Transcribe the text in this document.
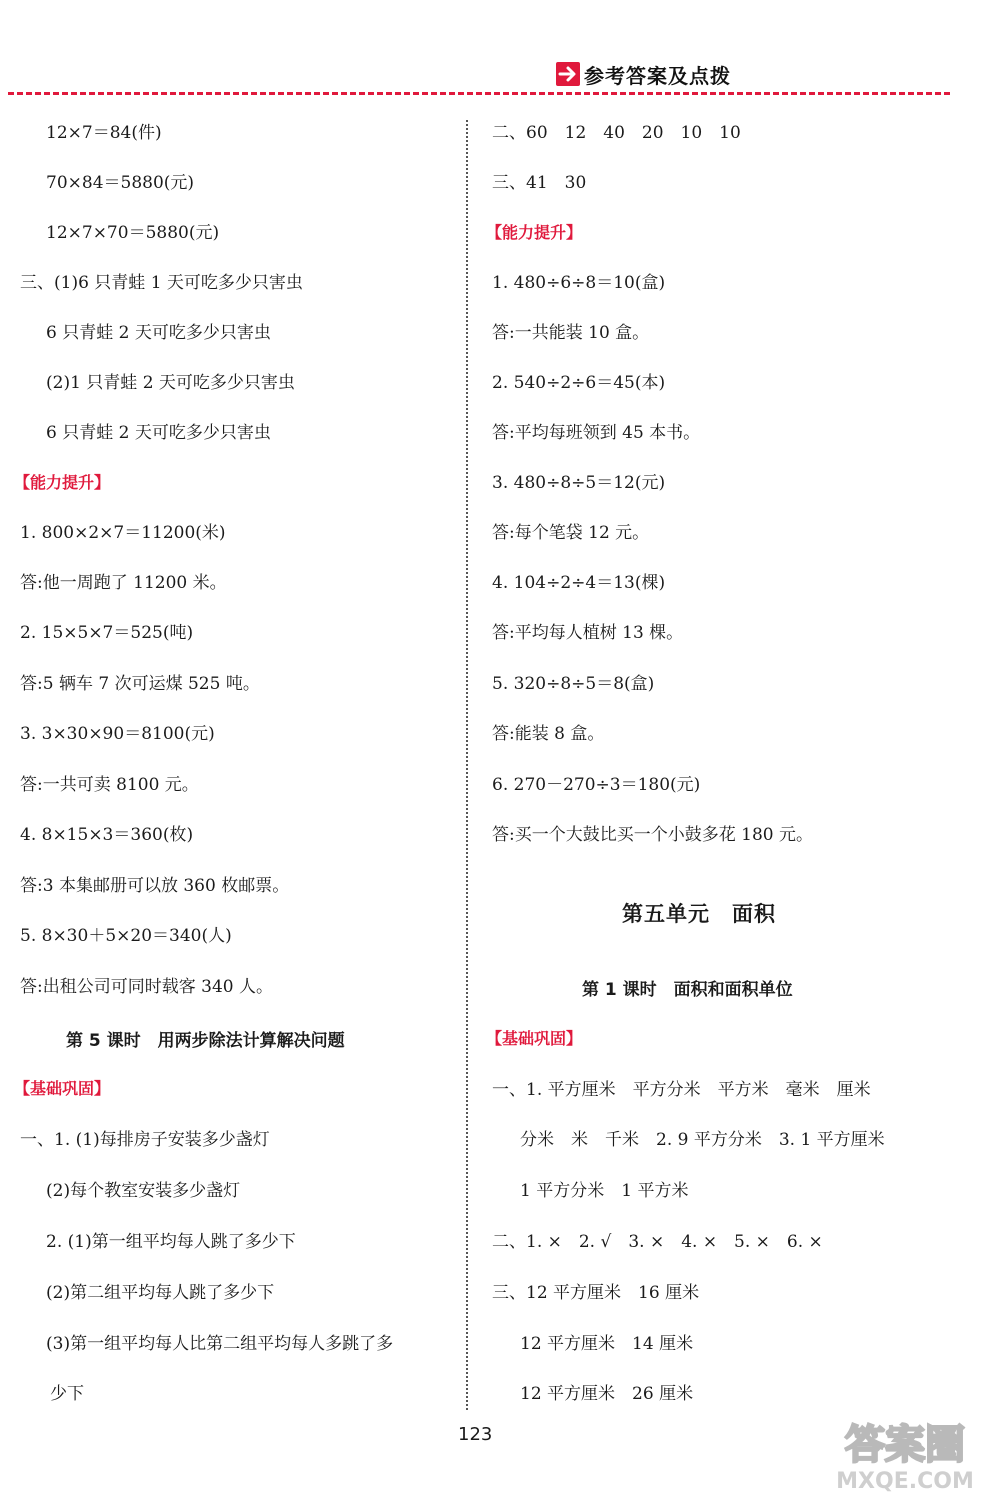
参考答案及点拨
12×7＝84(件)
70×84＝5880(元)
12×7×70＝5880(元)
三、(1)6 只青蛙 1 天可吃多少只害虫
6 只青蛙 2 天可吃多少只害虫
(2)1 只青蛙 2 天可吃多少只害虫
6 只青蛙 2 天可吃多少只害虫
【能力提升】
1. 800×2×7＝11200(米)
答:他一周跑了 11200 米。
2. 15×5×7＝525(吨)
答:5 辆车 7 次可运煤 525 吨。
3. 3×30×90＝8100(元)
答:一共可卖 8100 元。
4. 8×15×3＝360(枚)
答:3 本集邮册可以放 360 枚邮票。
5. 8×30＋5×20＝340(人)
答:出租公司可同时载客 340 人。
第 5 课时　用两步除法计算解决问题
【基础巩固】
一、1. (1)每排房子安装多少盏灯
(2)每个教室安装多少盏灯
2. (1)第一组平均每人跳了多少下
(2)第二组平均每人跳了多少下
(3)第一组平均每人比第二组平均每人多跳了多
少下
二、60　12　40　20　10　10
三、41　30
【能力提升】
1. 480÷6÷8＝10(盒)
答:一共能装 10 盒。
2. 540÷2÷6＝45(本)
答:平均每班领到 45 本书。
3. 480÷8÷5＝12(元)
答:每个笔袋 12 元。
4. 104÷2÷4＝13(棵)
答:平均每人植树 13 棵。
5. 320÷8÷5＝8(盒)
答:能装 8 盒。
6. 270－270÷3＝180(元)
答:买一个大鼓比买一个小鼓多花 180 元。
第五单元　面积
第 1 课时　面积和面积单位
【基础巩固】
一、1. 平方厘米　平方分米　平方米　毫米　厘米
分米　米　千米　2. 9 平方分米　3. 1 平方厘米
1 平方分米　1 平方米
二、1. ×　2. √　3. ×　4. ×　5. ×　6. ×
三、12 平方厘米　16 厘米
12 平方厘米　14 厘米
12 平方厘米　26 厘米
123	答案圈
MXQE.COM
